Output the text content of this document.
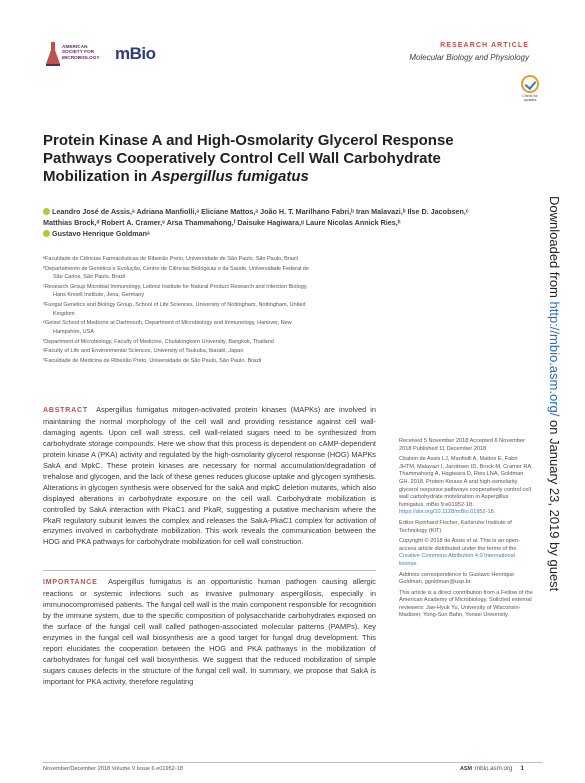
AMERICAN
SOCIETY FOR
MICROBIOLOGY mBio	RESEARCH ARTICLE
Molecular Biology and Physiology
Check for
updates
Protein Kinase A and High-Osmolarity Glycerol Response
Pathways Cooperatively Control Cell Wall Carbohydrate
Mobilization in Aspergillus fumigatus
Leandro José de Assis,ᵃ Adriana Manfiolli,ᵃ Eliciane Mattos,ᵃ João H. T. Marilhano Fabri,ᵇ Iran Malavazi,ᵇ Ilse D. Jacobsen,ᶜ
Matthias Brock,ᵈ Robert A. Cramer,ᵉ Arsa Thammahong,ᶠ Daisuke Hagiwara,ᵍ Laure Nicolas Annick Ries,ʰ
Gustavo Henrique Goldmanᵃ
ᵃFaculdade de Ciências Farmacêuticas de Ribeirão Preto, Universidade de São Paulo, São Paulo, Brazil
ᵇDepartamento de Genética e Evolução, Centro de Ciências Biológicas e da Saúde, Universidade Federal de
São Carlos, São Paulo, Brazil
ᶜResearch Group Microbial Immunology, Leibniz Institute for Natural Product Research and Infection Biology,
Hans Knoell Institute, Jena, Germany
ᵈFungal Genetics and Biology Group, School of Life Sciences, University of Nottingham, Nottingham, United
Kingdom
ᵉGeisel School of Medicine at Dartmouth, Department of Microbiology and Immunology, Hanover, New
Hampshire, USA
ᶠDepartment of Microbiology, Faculty of Medicine, Chulalongkorn University, Bangkok, Thailand
ᵍFaculty of Life and Environmental Sciences, University of Tsukuba, Ibaraki, Japan
ʰFaculdade de Medicina de Ribeirão Preto, Universidade de São Paulo, São Paulo, Brazil
ABSTRACT Aspergillus fumigatus mitogen-activated protein kinases (MAPKs) are involved in maintaining the normal morphology of the cell wall and providing resistance against cell wall-damaging agents. Upon cell wall stress, cell wall-related sugars need to be synthesized from carbohydrate storage compounds. Here we show that this process is dependent on cAMP-dependent protein kinase A (PKA) activity and regulated by the high-osmolarity glycerol response (HOG) MAPKs SakA and MpkC. These protein kinases are necessary for normal accumulation/degradation of trehalose and glycogen, and the lack of these genes reduces glucose uptake and glycogen synthesis. Alterations in glycogen synthesis were observed for the sakA and mpkC deletion mutants, which also displayed alterations in carbohydrate exposure on the cell wall. Carbohydrate mobilization is controlled by SakA interaction with PkaC1 and PkaR, suggesting a putative mechanism where the PkaR regulatory subunit leaves the complex and releases the SakA-PkaC1 complex for activation of enzymes involved in carbohydrate mobilization. This work reveals the communication between the HOG and PKA pathways for carbohydrate mobilization for cell wall construction.
IMPORTANCE Aspergillus fumigatus is an opportunistic human pathogen causing allergic reactions or systemic infections such as invasive pulmonary aspergillosis, especially in immunocompromised patients. The fungal cell wall is the main component responsible for recognition by the immune system, due to the specific composition of polysaccharide carbohydrates exposed on the surface of the fungal cell wall called pathogen-associated molecular patterns (PAMPs). Key enzymes in the fungal cell wall biosynthesis are a good target for fungal drug development. This report elucidates the cooperation between the HOG and PKA pathways in the mobilization of carbohydrates for fungal cell wall biosynthesis. We suggest that the reduced mobilization of simple sugars causes defects in the structure of the fungal cell wall. In summary, we propose that SakA is important for PKA activity, therefore regulating
Received 5 November 2018 Accepted 6 November 2018 Published 11 December 2018
Citation de Assis LJ, Manfiolli A, Mattos E, Fabri JHTM, Malavazi I, Jacobsen ID, Brock M, Cramer RA, Thammahong A, Hagiwara D, Ries LNA, Goldman GH. 2018. Protein Kinase A and high-osmolarity glycerol response pathways cooperatively control cell wall carbohydrate mobilization in Aspergillus fumigatus. mBio 9:e01952-18. https://doi.org/10.1128/mBio.01952-18.
Editor Reinhard Fischer, Karlsruhe Institute of Technology (KIT)
Copyright © 2018 de Assis et al. This is an open-access article distributed under the terms of the Creative Commons Attribution 4.0 International license.
Address correspondence to Gustavo Henrique Goldman, ggoldman@usp.br.
This article is a direct contribution from a Fellow of the American Academy of Microbiology. Solicited external reviewers: Jae-Hyuk Yu, University of Wisconsin-Madison; Yong-Sun Bahn, Yonsei University.
November/December 2018 Volume 9 Issue 6 e01952-18	ASM mbio.asm.org 1
Downloaded from http://mbio.asm.org/ on January 23, 2019 by guest
